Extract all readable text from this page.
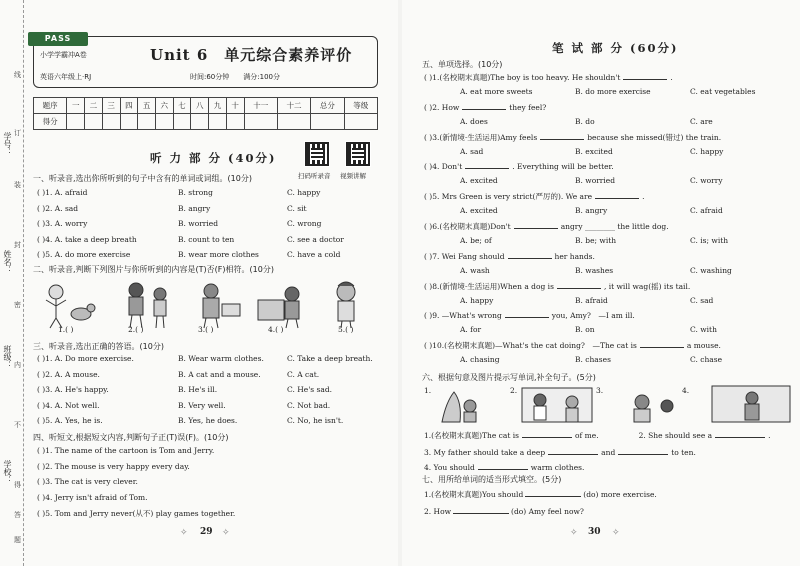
学号：
姓名：
班级：
学校：
线
订
装
封
密
内
不
得
答
题
PASS
小学学霸冲A卷
英语六年级上·RJ
Unit 6　单元综合素养评价
时间:60分钟　　满分:100分
题序	一	二	三	四	五	六	七	八	九	十	十一	十二	总分	等级
得分														
听 力 部 分 (40分)
扫码听录音 视频讲解
一、听录音,选出你所听到的句子中含有的单词或词组。(10分)
( )1. A. afraid	B. strong	C. happy
( )2. A. sad	B. angry	C. sit
( )3. A. worry	B. worried	C. wrong
( )4. A. take a deep breath	B. count to ten	C. see a doctor
( )5. A. do more exercise	B. wear more clothes	C. have a cold
二、听录音,判断下列图片与你所听到的内容是(T)否(F)相符。(10分)
1.( )	2.( )	3.( )	4.( )	5.( )
三、听录音,选出正确的答语。(10分)
( )1. A. Do more exercise.	B. Wear warm clothes.	C. Take a deep breath.
( )2. A. A mouse.	B. A cat and a mouse.	C. A cat.
( )3. A. He's happy.	B. He's ill.	C. He's sad.
( )4. A. Not well.	B. Very well.	C. Not bad.
( )5. A. Yes, he is.	B. Yes, he does.	C. No, he isn't.
四、听短文,根据短文内容,判断句子正(T)误(F)。(10分)
( )1. The name of the cartoon is Tom and Jerry.
( )2. The mouse is very happy every day.
( )3. The cat is very clever.
( )4. Jerry isn't afraid of Tom.
( )5. Tom and Jerry never(从不) play games together.
✧ 29 ✧
笔 试 部 分 (60分)
五、单项选择。(10分)
( )1.(名校期末真题)The boy is too heavy. He shouldn't	.
A. eat more sweets	B. do more exercise	C. eat vegetables
( )2. How	they feel?
A. does	B. do	C. are
( )3.(新情境·生活运用)Amy feels	because she missed(错过) the train.
A. sad	B. excited	C. happy
( )4. Don't	. Everything will be better.
A. excited	B. worried	C. worry
( )5. Mrs Green is very strict(严厉的). We are	.
A. excited	B. angry	C. afraid
( )6.(名校期末真题)Don't	angry ________ the little dog.
A. be; of	B. be; with	C. is; with
( )7. Wei Fang should	her hands.
A. wash	B. washes	C. washing
( )8.(新情境·生活运用)When a dog is	, it will wag(摇) its tail.
A. happy	B. afraid	C. sad
( )9. —What's wrong	you, Amy?　—I am ill.
A. for	B. on	C. with
( )10.(名校期末真题)—What's the cat doing?　—The cat is	a mouse.
A. chasing	B. chases	C. chase
六、根据句意及图片提示写单词,补全句子。(5分)
1.	2.	3.	4.
1.(名校期末真题)The cat is	of me.	2. She should see a	.
3. My father should take a deep	and	to ten.
4. You should	warm clothes.
七、用所给单词的适当形式填空。(5分)
1.(名校期末真题)You should	(do) more exercise.
2. How	(do) Amy feel now?
✧ 30 ✧
